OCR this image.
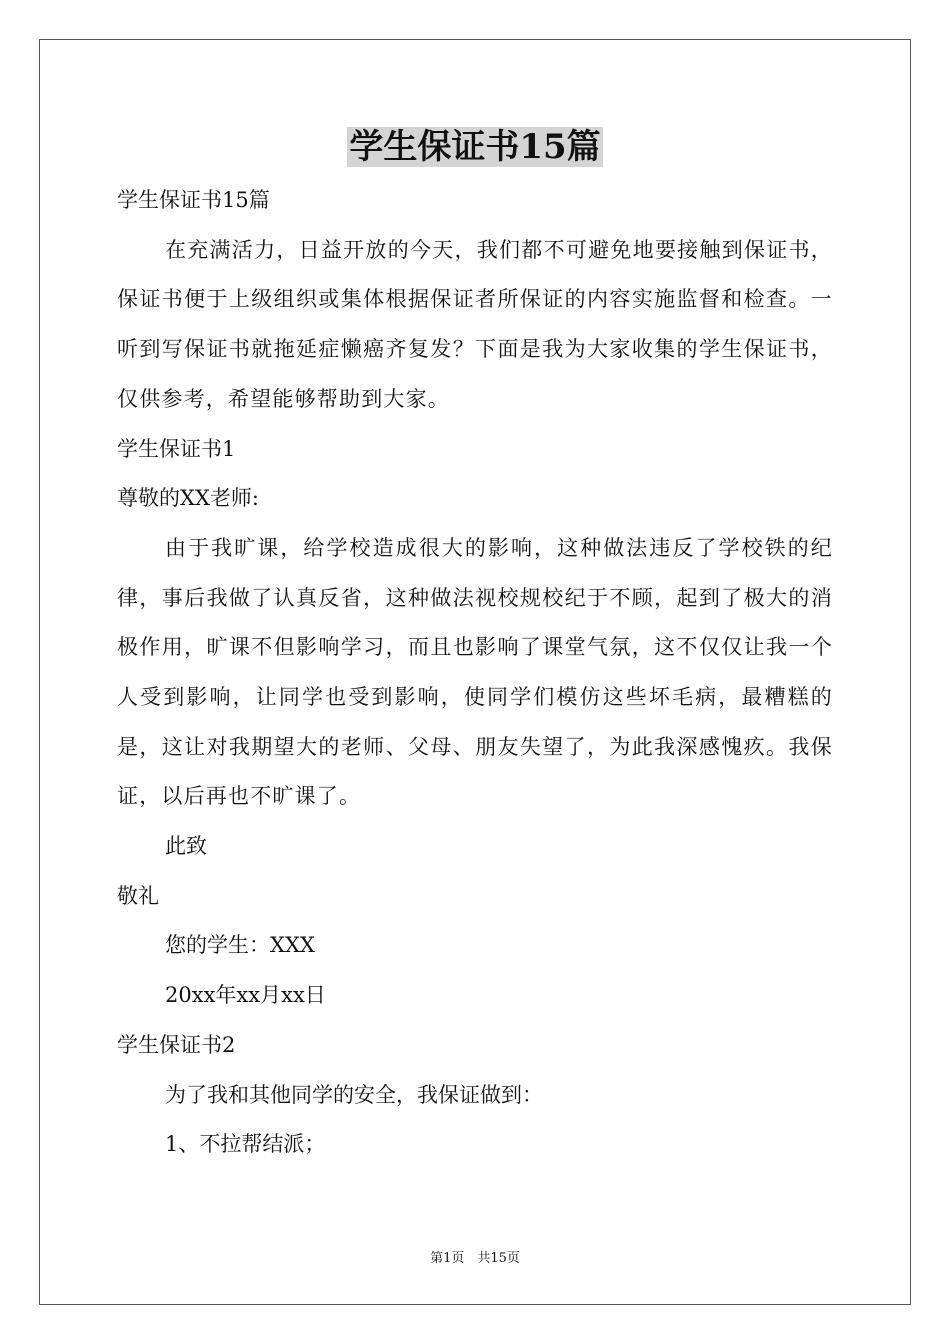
学生保证书15篇
学生保证书15篇
在充满活力，日益开放的今天，我们都不可避免地要接触到保证书，保证书便于上级组织或集体根据保证者所保证的内容实施监督和检查。一听到写保证书就拖延症懒癌齐复发？下面是我为大家收集的学生保证书，仅供参考，希望能够帮助到大家。
学生保证书1
尊敬的XX老师:
由于我旷课，给学校造成很大的影响，这种做法违反了学校铁的纪律，事后我做了认真反省，这种做法视校规校纪于不顾，起到了极大的消极作用，旷课不但影响学习，而且也影响了课堂气氛，这不仅仅让我一个人受到影响，让同学也受到影响，使同学们模仿这些坏毛病，最糟糕的是，这让对我期望大的老师、父母、朋友失望了，为此我深感愧疚。我保证，以后再也不旷课了。
此致
敬礼
您的学生：XXX
20xx年xx月xx日
学生保证书2
为了我和其他同学的安全，我保证做到：
1、不拉帮结派；
第1页　共15页
